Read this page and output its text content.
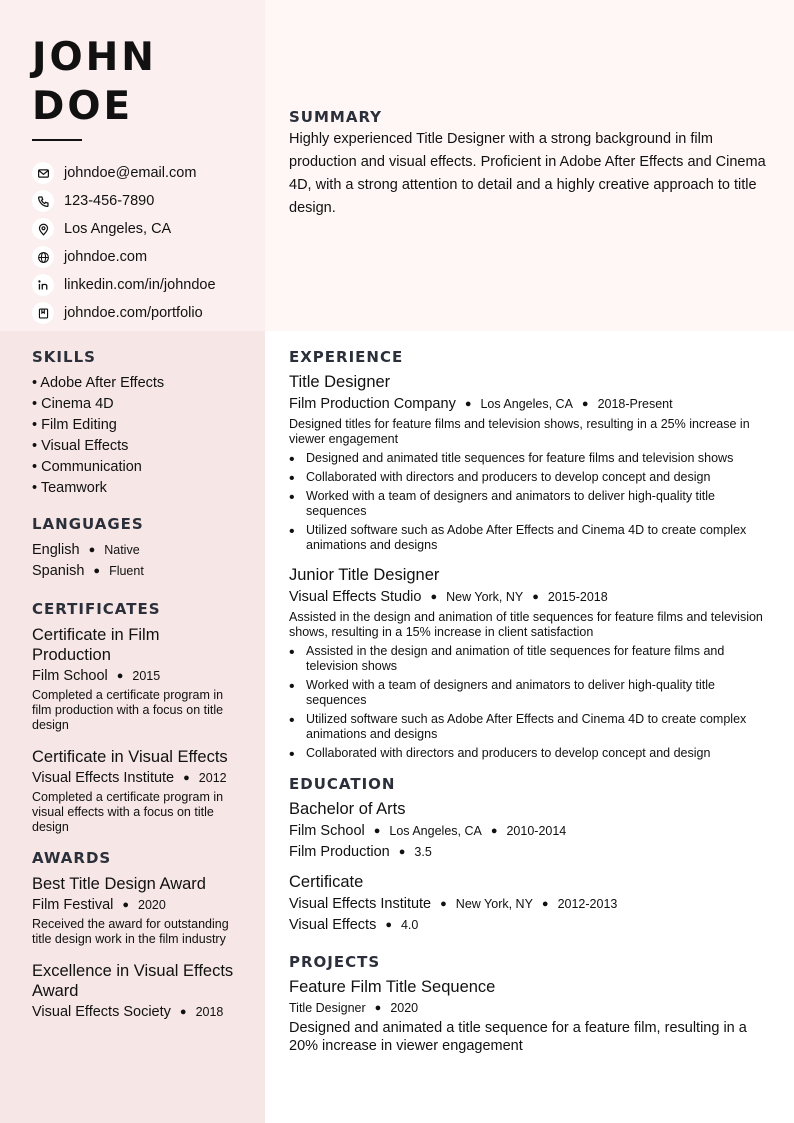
JOHN
DOE
johndoe@email.com
123-456-7890
Los Angeles, CA
johndoe.com
linkedin.com/in/johndoe
johndoe.com/portfolio
SKILLS
• Adobe After Effects
• Cinema 4D
• Film Editing
• Visual Effects
• Communication
• Teamwork
LANGUAGES
English ● Native
Spanish ● Fluent
CERTIFICATES
Certificate in Film Production
Film School ● 2015
Completed a certificate program in film production with a focus on title design
Certificate in Visual Effects
Visual Effects Institute ● 2012
Completed a certificate program in visual effects with a focus on title design
AWARDS
Best Title Design Award
Film Festival ● 2020
Received the award for outstanding title design work in the film industry
Excellence in Visual Effects Award
Visual Effects Society ● 2018
SUMMARY

Highly experienced Title Designer with a strong background in film production and visual effects. Proficient in Adobe After Effects and Cinema 4D, with a strong attention to detail and a highly creative approach to title design.

EXPERIENCE
Title Designer
Film Production Company ● Los Angeles, CA ● 2018-Present
Designed titles for feature films and television shows, resulting in a 25% increase in viewer engagement
• Designed and animated title sequences for feature films and television shows
• Collaborated with directors and producers to develop concept and design
• Worked with a team of designers and animators to deliver high-quality title sequences
• Utilized software such as Adobe After Effects and Cinema 4D to create complex animations and designs
Junior Title Designer
Visual Effects Studio ● New York, NY ● 2015-2018
Assisted in the design and animation of title sequences for feature films and television shows, resulting in a 15% increase in client satisfaction
• Assisted in the design and animation of title sequences for feature films and television shows
• Worked with a team of designers and animators to deliver high-quality title sequences
• Utilized software such as Adobe After Effects and Cinema 4D to create complex animations and designs
• Collaborated with directors and producers to develop concept and design
EDUCATION
Bachelor of Arts
Film School ● Los Angeles, CA ● 2010-2014
Film Production ● 3.5
Certificate
Visual Effects Institute ● New York, NY ● 2012-2013
Visual Effects ● 4.0
PROJECTS
Feature Film Title Sequence
Title Designer ● 2020
Designed and animated a title sequence for a feature film, resulting in a 20% increase in viewer engagement
